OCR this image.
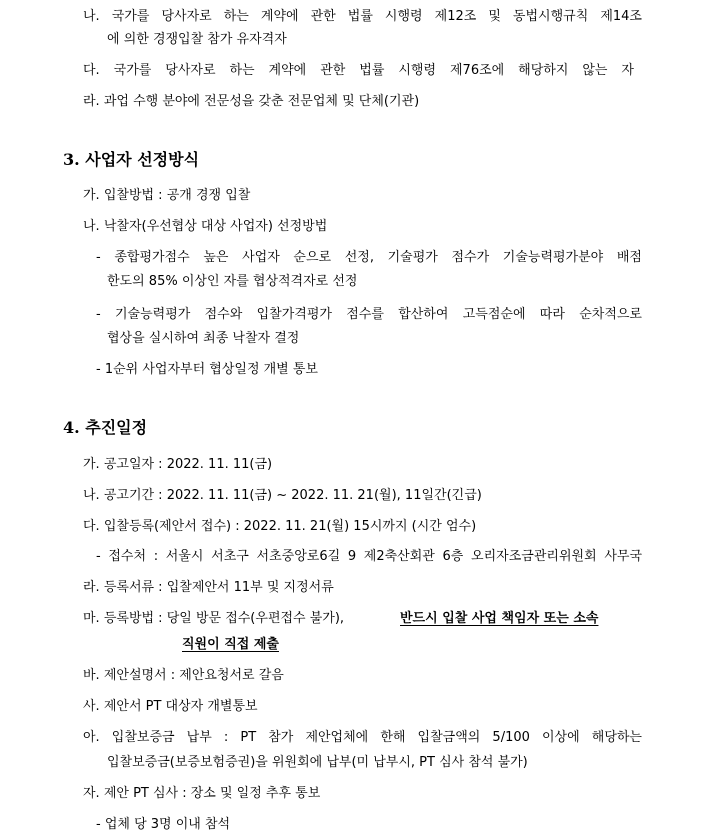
나. 국가를 당사자로 하는 계약에 관한 법률 시행령 제12조 및 동법시행규칙 제14조
에 의한 경쟁입찰 참가 유자격자
다. 국가를 당사자로 하는 계약에 관한 법률 시행령 제76조에 해당하지 않는 자
라. 과업 수행 분야에 전문성을 갖춘 전문업체 및 단체(기관)
3. 사업자 선정방식
가. 입찰방법 : 공개 경쟁 입찰
나. 낙찰자(우선협상 대상 사업자) 선정방법
- 종합평가점수 높은 사업자 순으로 선정, 기술평가 점수가 기술능력평가분야 배점
한도의 85% 이상인 자를 협상적격자로 선정
- 기술능력평가 점수와 입찰가격평가 점수를 합산하여 고득점순에 따라 순차적으로
협상을 실시하여 최종 낙찰자 결정
- 1순위 사업자부터 협상일정 개별 통보
4. 추진일정
가. 공고일자 : 2022. 11. 11(금)
나. 공고기간 : 2022. 11. 11(금) ~ 2022. 11. 21(월), 11일간(긴급)
다. 입찰등록(제안서 접수) : 2022. 11. 21(월) 15시까지 (시간 엄수)
- 접수처 : 서울시 서초구 서초중앙로6길 9 제2축산회관 6층 오리자조금관리위원회 사무국
라. 등록서류 : 입찰제안서 11부 및 지정서류
마. 등록방법 : 당일 방문 접수(우편접수 불가),	반드시 입찰 사업 책임자 또는 소속
직원이 직접 제출
바. 제안설명서 : 제안요청서로 갈음
사. 제안서 PT 대상자 개별통보
아. 입찰보증금 납부 : PT 참가 제안업체에 한해 입찰금액의 5/100 이상에 해당하는
입찰보증금(보증보험증권)을 위원회에 납부(미 납부시, PT 심사 참석 불가)
자. 제안 PT 심사 : 장소 및 일정 추후 통보
- 업체 당 3명 이내 참석
